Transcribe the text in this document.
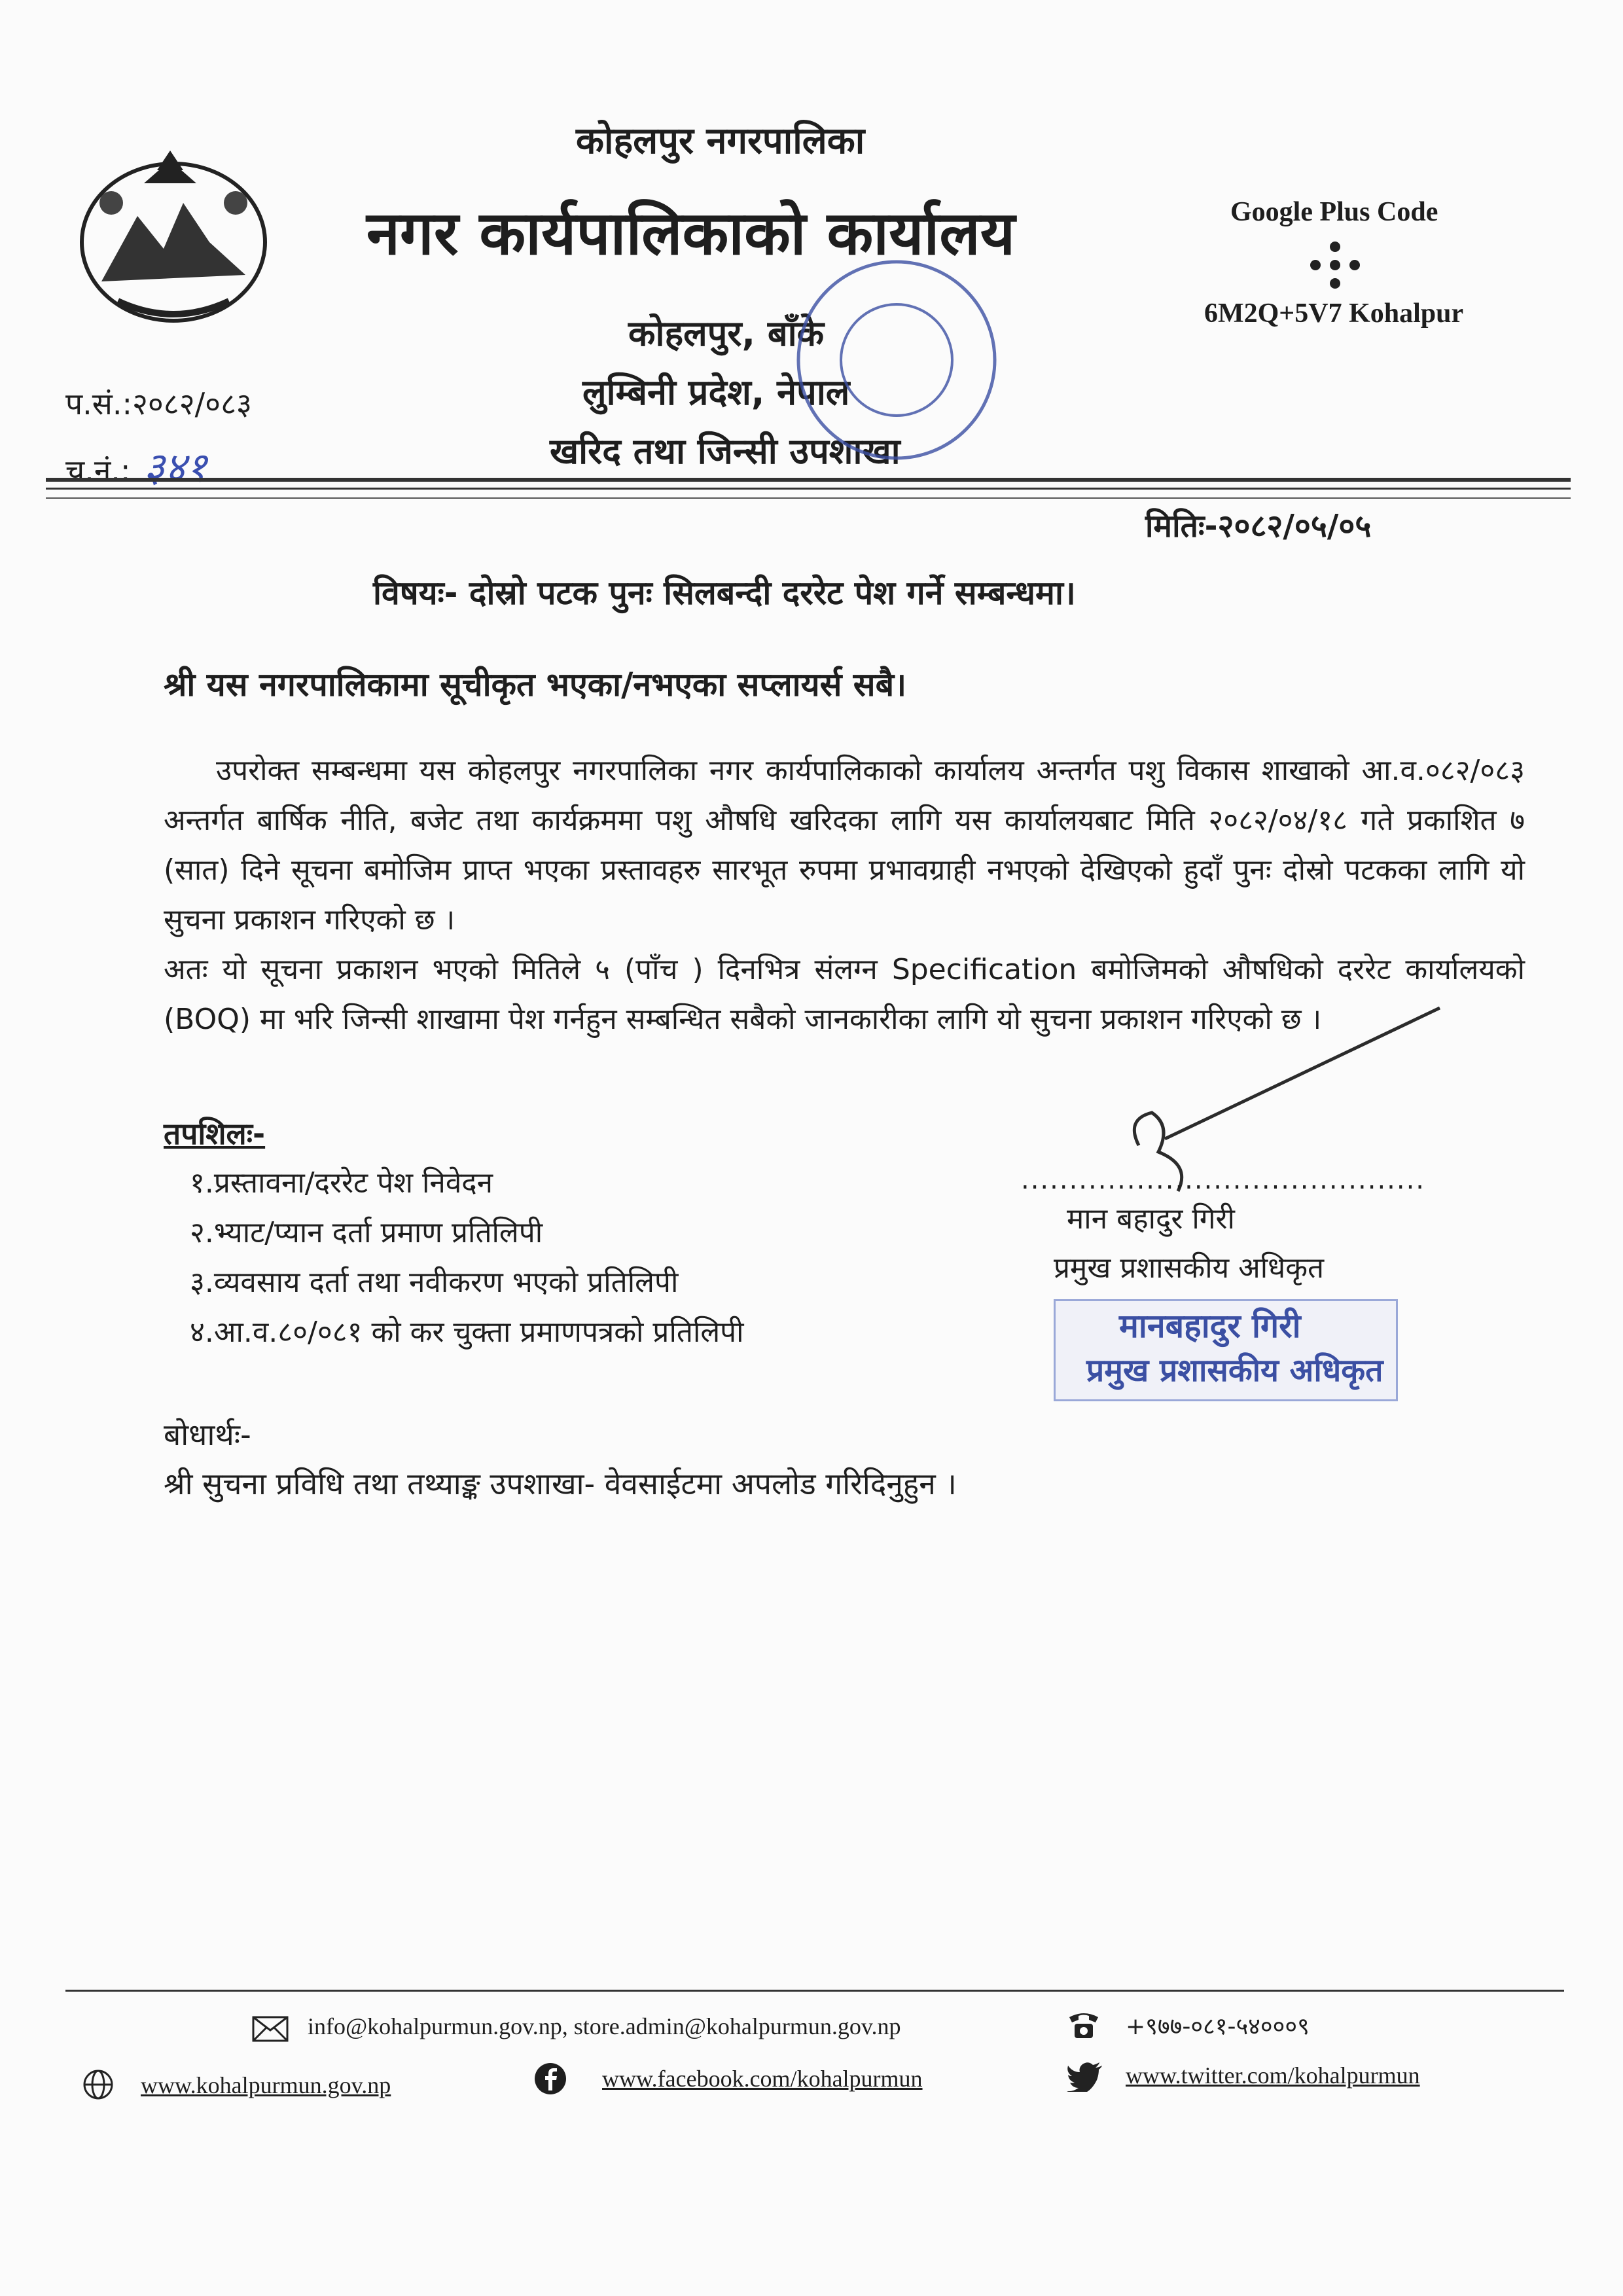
कोहलपुर नगरपालिका
नगर कार्यपालिकाको कार्यालय
कोहलपुर, बाँके
लुम्बिनी प्रदेश, नेपाल
खरिद तथा जिन्सी उपशाखा
Google Plus Code
6M2Q+5V7 Kohalpur
प.सं.:२०८२/०८३
च.नं.: ३४१
मितिः-२०८२/०५/०५
विषयः- दोस्रो पटक पुनः सिलबन्दी दररेट पेश गर्ने सम्बन्धमा।
श्री यस नगरपालिकामा सूचीकृत भएका/नभएका सप्लायर्स सबै।

उपरोक्त सम्बन्धमा यस कोहलपुर नगरपालिका नगर कार्यपालिकाको कार्यालय अन्तर्गत पशु विकास शाखाको आ.व.०८२/०८३ अन्तर्गत बार्षिक नीति, बजेट तथा कार्यक्रममा पशु औषधि खरिदका लागि यस कार्यालयबाट मिति २०८२/०४/१८ गते प्रकाशित ७ (सात) दिने सूचना बमोजिम प्राप्त भएका प्रस्तावहरु सारभूत रुपमा प्रभावग्राही नभएको देखिएको हुदाँ पुनः दोस्रो पटकका लागि यो सुचना प्रकाशन गरिएको छ ।

अतः यो सूचना प्रकाशन भएको मितिले ५ (पाँच ) दिनभित्र संलग्न Specification बमोजिमको औषधिको दररेट कार्यालयको (BOQ) मा भरि जिन्सी शाखामा पेश गर्नहुन सम्बन्धित सबैको जानकारीका लागि यो सुचना प्रकाशन गरिएको छ ।

तपशिलः-
१.प्रस्तावना/दररेट पेश निवेदन
२.भ्याट/प्यान दर्ता प्रमाण प्रतिलिपी
३.व्यवसाय दर्ता तथा नवीकरण भएको प्रतिलिपी
४.आ.व.८०/०८१ को कर चुक्ता प्रमाणपत्रको प्रतिलिपी
..........................................
मान बहादुर गिरी
प्रमुख प्रशासकीय अधिकृत
मानबहादुर गिरी
प्रमुख प्रशासकीय अधिकृत
बोधार्थः-
श्री सुचना प्रविधि तथा तथ्याङ्क उपशाखा- वेवसाईटमा अपलोड गरिदिनुहुन ।
info@kohalpurmun.gov.np, store.admin@kohalpurmun.gov.np
www.kohalpurmun.gov.np	www.facebook.com/kohalpurmun
+९७७-०८१-५४०००९
www.twitter.com/kohalpurmun
